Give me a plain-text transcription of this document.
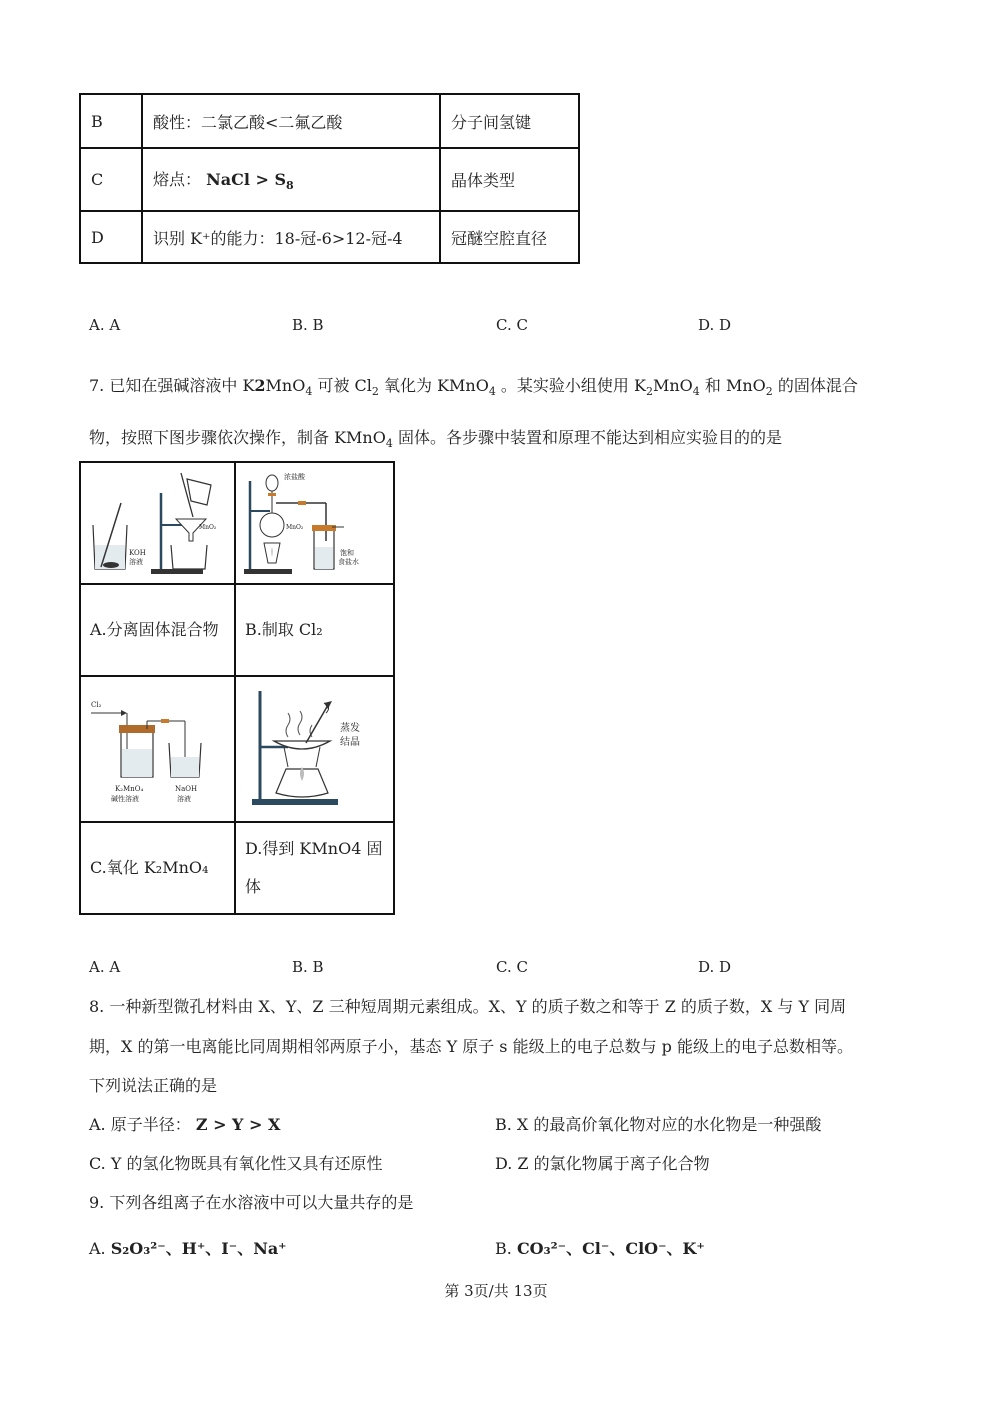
B	酸性：二氯乙酸<二氟乙酸	分子间氢键
C	熔点： NaCl > $S_8$	晶体类型
D	识别 K⁺的能力：18-冠-6>12-冠-4	冠醚空腔直径
A. A	B. B	C. C	D. D
7. 已知在强碱溶液中 K2MnO$_4$ 可被 $Cl_2$ 氧化为 KMnO$_4$ 。某实验小组使用 $K_2MnO_4$ 和 MnO$_2$ 的固体混合
物，按照下图步骤依次操作，制备 KMnO$_4$ 固体。各步骤中装置和原理不能达到相应实验目的的是
KOH
溶液
MnO₂	浓盐酸
MnO₂
饱和
食盐水

A.分离固体混合物	B.制取 Cl₂

Cl₂
K₂MnO₄
碱性溶液
NaOH
溶液	蒸发
结晶

C.氧化 K₂MnO₄	D.得到 KMnO4 固体
A. A	B. B	C. C	D. D
8. 一种新型微孔材料由 X、Y、Z 三种短周期元素组成。X、Y 的质子数之和等于 Z 的质子数，X 与 Y 同周
期，X 的第一电离能比同周期相邻两原子小，基态 Y 原子 s 能级上的电子总数与 p 能级上的电子总数相等。
下列说法正确的是
A. 原子半径： Z > Y > X	B. X 的最高价氧化物对应的水化物是一种强酸
C. Y 的氢化物既具有氧化性又具有还原性	D. Z 的氯化物属于离子化合物
9. 下列各组离子在水溶液中可以大量共存的是
A. S₂O₃²⁻、H⁺、I⁻、Na⁺	B. CO₃²⁻、Cl⁻、ClO⁻、K⁺
第 3页/共 13页
